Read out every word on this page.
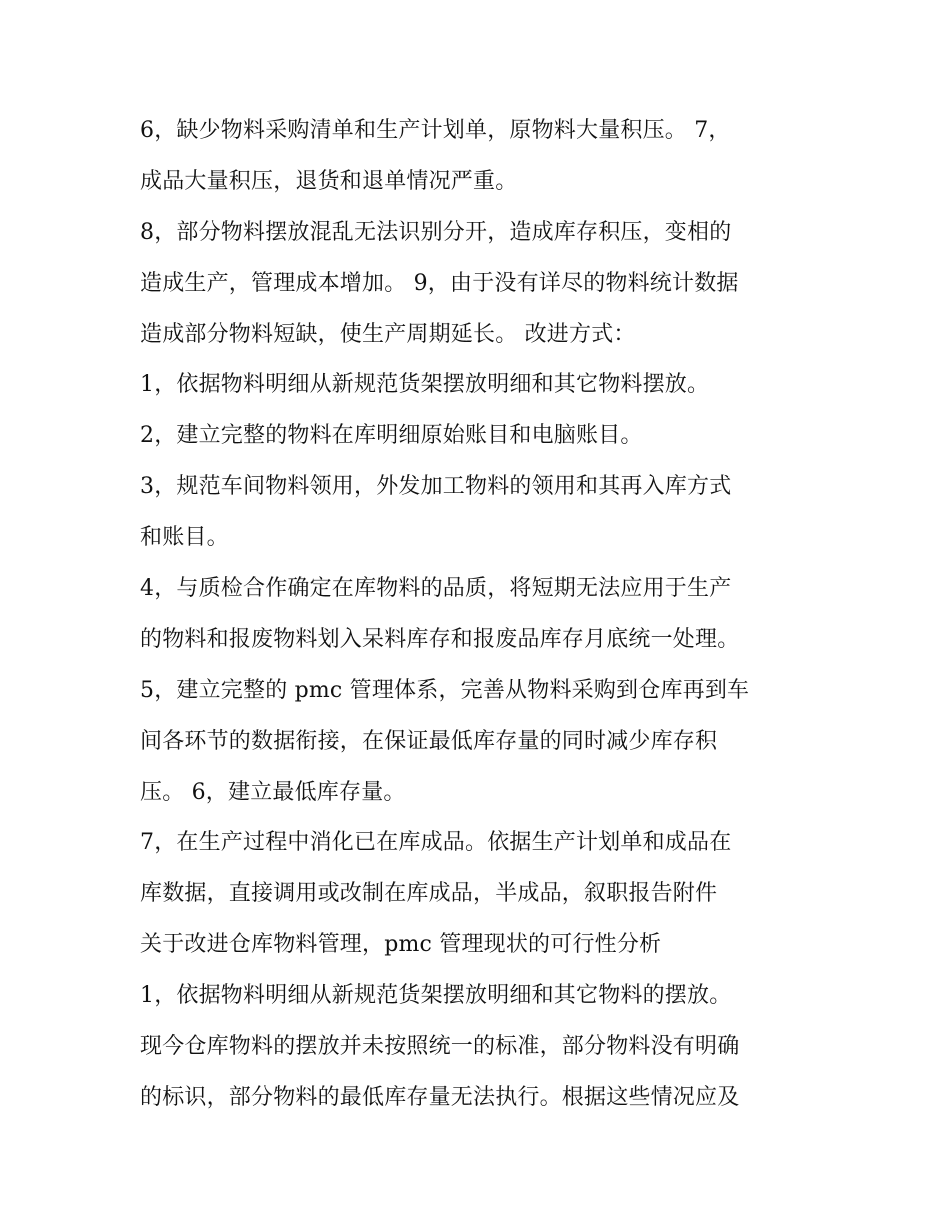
6，缺少物料采购清单和生产计划单，原物料大量积压。 7，
成品大量积压，退货和退单情况严重。
8，部分物料摆放混乱无法识别分开，造成库存积压，变相的
造成生产，管理成本增加。 9，由于没有详尽的物料统计数据
造成部分物料短缺，使生产周期延长。 改进方式：
1，依据物料明细从新规范货架摆放明细和其它物料摆放。
2，建立完整的物料在库明细原始账目和电脑账目。
3，规范车间物料领用，外发加工物料的领用和其再入库方式
和账目。
4，与质检合作确定在库物料的品质，将短期无法应用于生产
的物料和报废物料划入呆料库存和报废品库存月底统一处理。
5，建立完整的 pmc 管理体系，完善从物料采购到仓库再到车
间各环节的数据衔接，在保证最低库存量的同时减少库存积
压。 6，建立最低库存量。
7，在生产过程中消化已在库成品。依据生产计划单和成品在
库数据，直接调用或改制在库成品，半成品，叙职报告附件
关于改进仓库物料管理，pmc 管理现状的可行性分析
1，依据物料明细从新规范货架摆放明细和其它物料的摆放。
现今仓库物料的摆放并未按照统一的标准，部分物料没有明确
的标识，部分物料的最低库存量无法执行。根据这些情况应及
